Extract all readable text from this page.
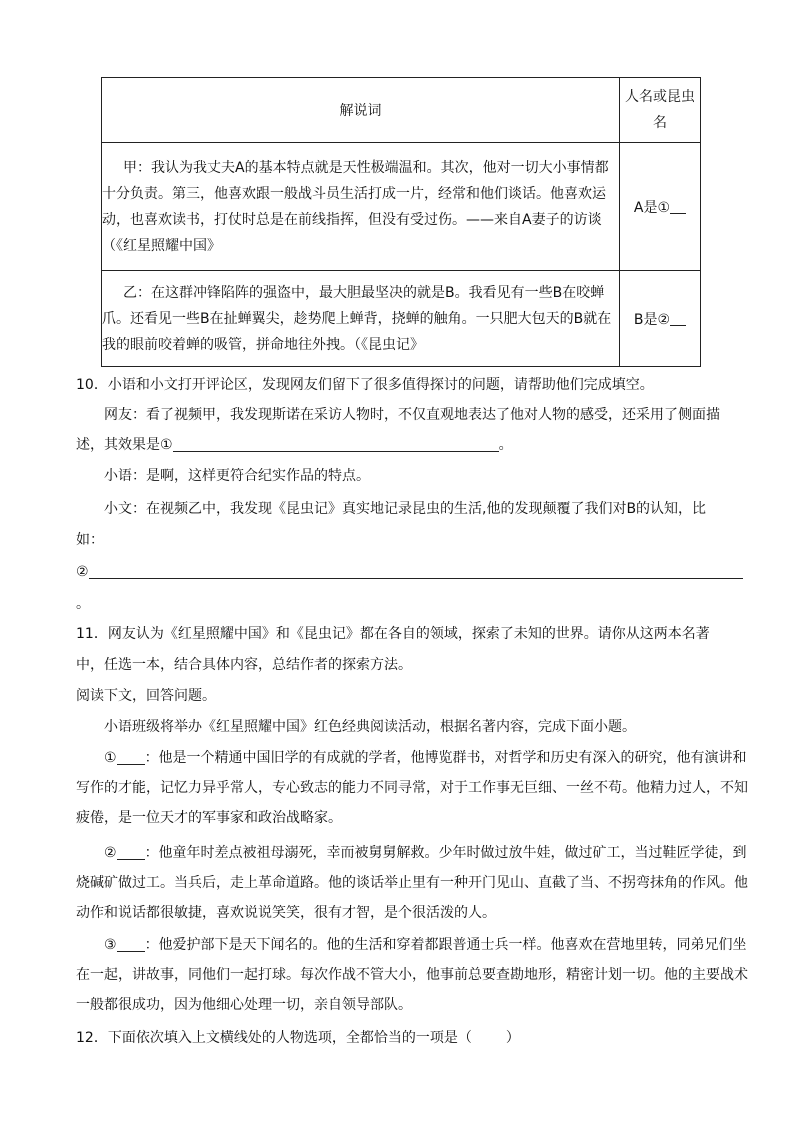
解说词	人名或昆虫
名
甲：我认为我丈夫A的基本特点就是天性极端温和。其次，他对一切大小事情都十分负责。第三，他喜欢跟一般战斗员生活打成一片，经常和他们谈话。他喜欢运动，也喜欢读书，打仗时总是在前线指挥，但没有受过伤。——来自A妻子的访谈（《红星照耀中国》	A是①
乙：在这群冲锋陷阵的强盗中，最大胆最坚决的就是B。我看见有一些B在咬蝉爪。还看见一些B在扯蝉翼尖，趁势爬上蝉背，挠蝉的触角。一只肥大包天的B就在我的眼前咬着蝉的吸管，拼命地往外拽。（《昆虫记》	B是②
10．小语和小文打开评论区，发现网友们留下了很多值得探讨的问题，请帮助他们完成填空。
网友：看了视频甲，我发现斯诺在采访人物时，不仅直观地表达了他对人物的感受，还采用了侧面描
述，其效果是①	。
小语：是啊，这样更符合纪实作品的特点。
小文：在视频乙中，我发现《昆虫记》真实地记录昆虫的生活,他的发现颠覆了我们对B的认知，比
如：
②
。
11．网友认为《红星照耀中国》和《昆虫记》都在各自的领域，探索了未知的世界。请你从这两本名著
中，任选一本，结合具体内容，总结作者的探索方法。
阅读下文，回答问题。
小语班级将举办《红星照耀中国》红色经典阅读活动，根据名著内容，完成下面小题。
① ：他是一个精通中国旧学的有成就的学者，他博览群书，对哲学和历史有深入的研究，他有演讲和写作的才能，记忆力异乎常人，专心致志的能力不同寻常，对于工作事无巨细、一丝不苟。他精力过人，不知疲倦，是一位天才的军事家和政治战略家。
② ：他童年时差点被祖母溺死，幸而被舅舅解救。少年时做过放牛娃，做过矿工，当过鞋匠学徒，到烧碱矿做过工。当兵后，走上革命道路。他的谈话举止里有一种开门见山、直截了当、不拐弯抹角的作风。他动作和说话都很敏捷，喜欢说说笑笑，很有才智，是个很活泼的人。
③ ：他爱护部下是天下闻名的。他的生活和穿着都跟普通士兵一样。他喜欢在营地里转，同弟兄们坐在一起，讲故事，同他们一起打球。每次作战不管大小，他事前总要查勘地形，精密计划一切。他的主要战术一般都很成功，因为他细心处理一切，亲自领导部队。
12．下面依次填入上文横线处的人物选项，全都恰当的一项是（ ）
